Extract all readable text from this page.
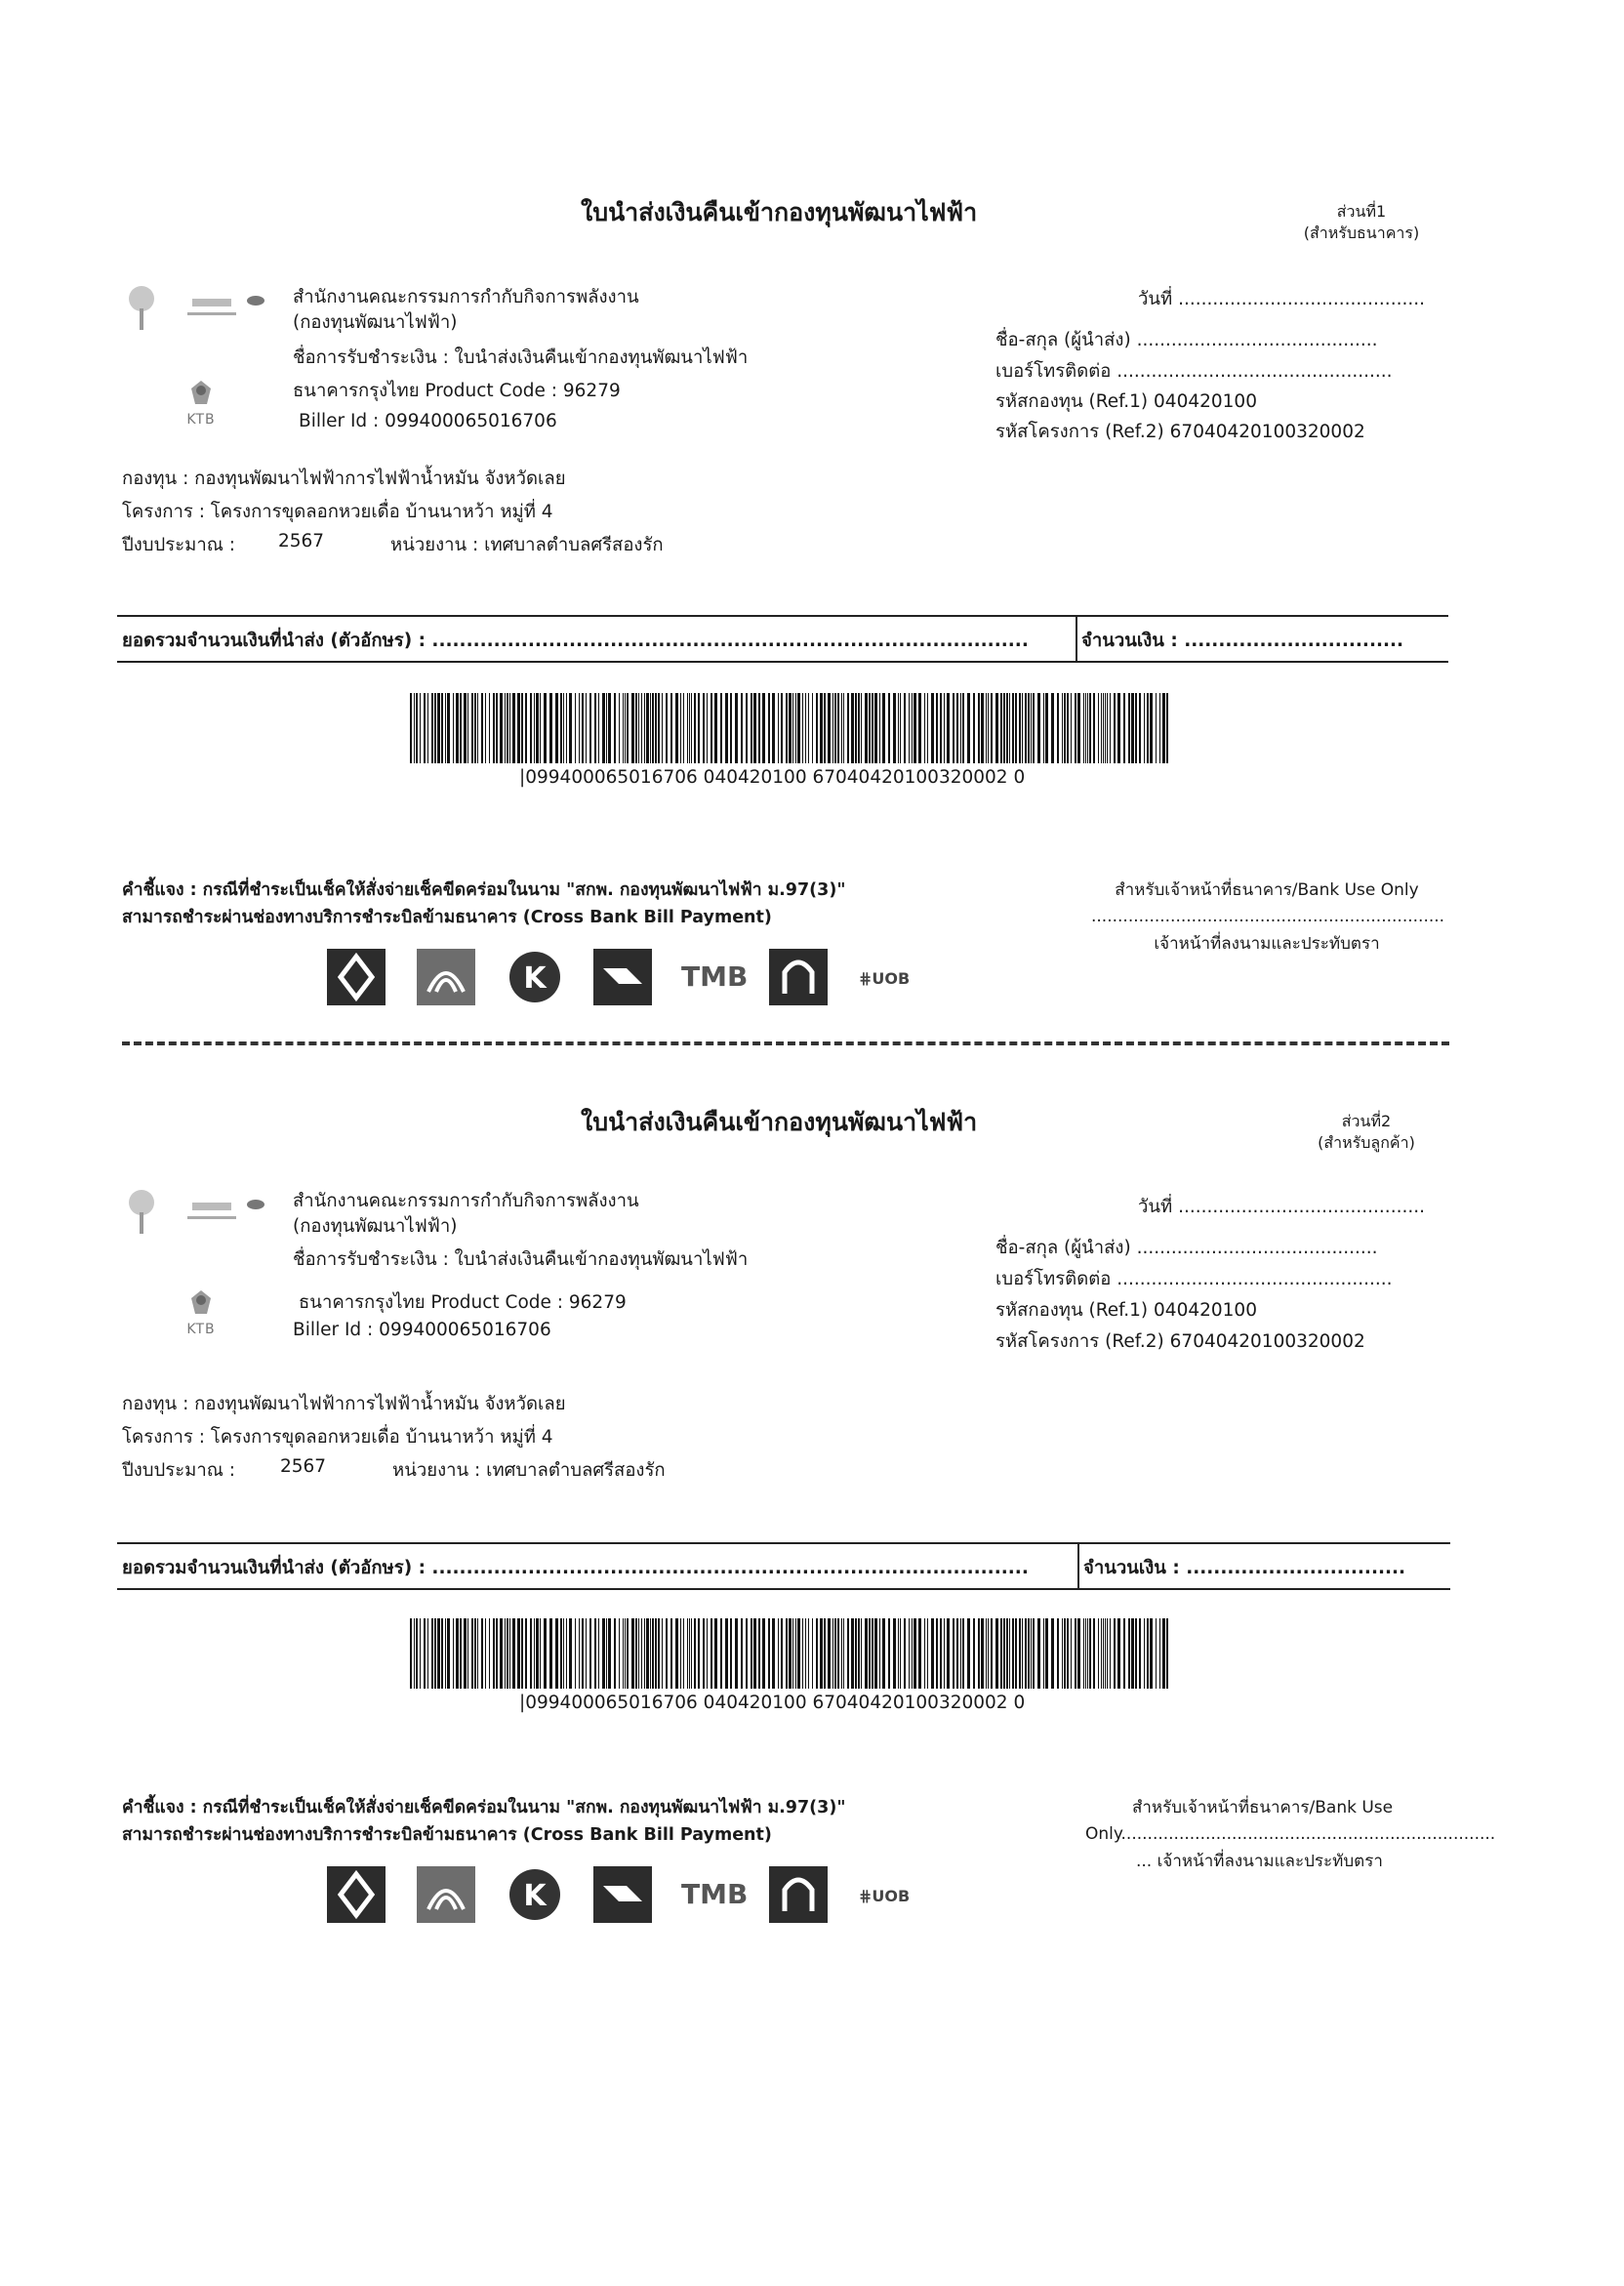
ใบนำส่งเงินคืนเข้ากองทุนพัฒนาไฟฟ้า	ส่วนที่1
(สำหรับธนาคาร)
KTB
สำนักงานคณะกรรมการกำกับกิจการพลังงาน
(กองทุนพัฒนาไฟฟ้า)
ชื่อการรับชำระเงิน : ใบนำส่งเงินคืนเข้ากองทุนพัฒนาไฟฟ้า
ธนาคารกรุงไทย Product Code : 96279
Biller Id : 099400065016706
วันที่ ...........................................
ชื่อ-สกุล (ผู้นำส่ง) ..........................................
เบอร์โทรติดต่อ ................................................
รหัสกองทุน (Ref.1) 040420100
รหัสโครงการ (Ref.2) 67040420100320002
กองทุน : กองทุนพัฒนาไฟฟ้าการไฟฟ้าน้ำหมัน จังหวัดเลย
โครงการ : โครงการขุดลอกหวยเดื่อ บ้านนาหว้า หมู่ที่ 4
ปีงบประมาณ : 2567	หน่วยงาน : เทศบาลตำบลศรีสองรัก
ยอดรวมจำนวนเงินที่นำส่ง (ตัวอักษร) : .......................................................................................	จำนวนเงิน : ................................
|099400065016706 040420100 67040420100320002 0
คำชี้แจง : กรณีที่ชำระเป็นเช็คให้สั่งจ่ายเช็คขีดคร่อมในนาม "สกพ. กองทุนพัฒนาไฟฟ้า ม.97(3)"
สามารถชำระผ่านช่องทางบริการชำระบิลข้ามธนาคาร (Cross Bank Bill Payment)
สำหรับเจ้าหน้าที่ธนาคาร/Bank Use Only
...................................................................
เจ้าหน้าที่ลงนามและประทับตรา
K	TMB	⋕UOB
ใบนำส่งเงินคืนเข้ากองทุนพัฒนาไฟฟ้า	ส่วนที่2
(สำหรับลูกค้า)
KTB
สำนักงานคณะกรรมการกำกับกิจการพลังงาน
(กองทุนพัฒนาไฟฟ้า)
ชื่อการรับชำระเงิน : ใบนำส่งเงินคืนเข้ากองทุนพัฒนาไฟฟ้า
ธนาคารกรุงไทย Product Code : 96279
Biller Id : 099400065016706
วันที่ ...........................................
ชื่อ-สกุล (ผู้นำส่ง) ..........................................
เบอร์โทรติดต่อ ................................................
รหัสกองทุน (Ref.1) 040420100
รหัสโครงการ (Ref.2) 67040420100320002
กองทุน : กองทุนพัฒนาไฟฟ้าการไฟฟ้าน้ำหมัน จังหวัดเลย
โครงการ : โครงการขุดลอกหวยเดื่อ บ้านนาหว้า หมู่ที่ 4
ปีงบประมาณ : 2567	หน่วยงาน : เทศบาลตำบลศรีสองรัก
ยอดรวมจำนวนเงินที่นำส่ง (ตัวอักษร) : .......................................................................................	จำนวนเงิน : ................................
|099400065016706 040420100 67040420100320002 0
คำชี้แจง : กรณีที่ชำระเป็นเช็คให้สั่งจ่ายเช็คขีดคร่อมในนาม "สกพ. กองทุนพัฒนาไฟฟ้า ม.97(3)"
สามารถชำระผ่านช่องทางบริการชำระบิลข้ามธนาคาร (Cross Bank Bill Payment)
สำหรับเจ้าหน้าที่ธนาคาร/Bank Use
Only.......................................................................
... เจ้าหน้าที่ลงนามและประทับตรา
K	TMB	⋕UOB
